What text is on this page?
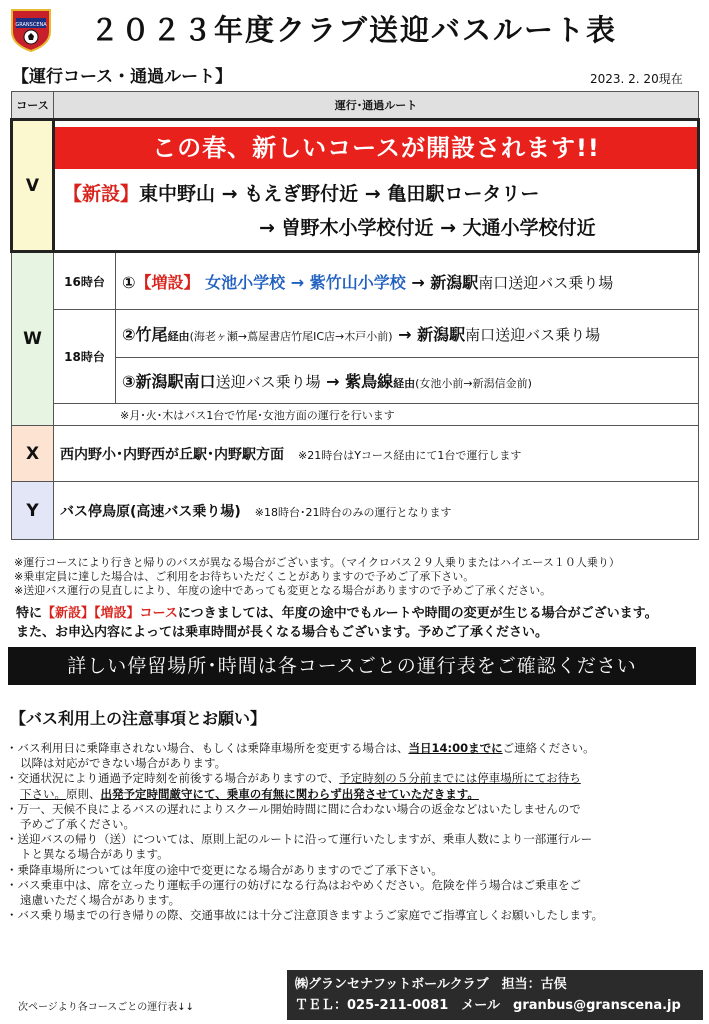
GRANSCENA ２０２３年度クラブ送迎バスルート表
【運行コース・通過ルート】	2023. 2. 20現在
コース	運行･通過ルート	
V	この春、新しいコースが開設されます!!
【新設】東中野山 → もえぎ野付近 → 亀田駅ロータリー
→ 曽野木小学校付近 → 大通小学校付近	

W	16時台	①【増設】 女池小学校 → 紫竹山小学校 → 新潟駅南口送迎バス乗り場
	18時台	②竹尾経由(海老ヶ瀬→蔦屋書店竹尾IC店→木戸小前) → 新潟駅南口送迎バス乗り場
		③新潟駅南口送迎バス乗り場 → 紫鳥線経由(女池小前→新潟信金前)
	※月･火･木はバス1台で竹尾･女池方面の運行を行います	
X	西内野小･内野西が丘駅･内野駅方面　 ※21時台はYコース経由にて1台で運行します	
Y	バス停鳥原(高速バス乗り場)　 ※18時台･21時台のみの運行となります	
※運行コースにより行きと帰りのバスが異なる場合がございます。（マイクロバス２９人乗りまたはハイエース１０人乗り）
※乗車定員に達した場合は、ご利用をお待ちいただくことがありますので予めご了承下さい。
※送迎バス運行の見直しにより、年度の途中であっても変更となる場合がありますので予めご了承ください。
特に【新設】【増設】コースにつきましては、年度の途中でもルートや時間の変更が生じる場合がございます。
また、お申込内容によっては乗車時間が長くなる場合もございます。予めご了承ください。
詳しい停留場所･時間は各コースごとの運行表をご確認ください
【バス利用上の注意事項とお願い】
・バス利用日に乗降車されない場合、もしくは乗降車場所を変更する場合は、当日14:00までにご連絡ください。
以降は対応ができない場合があります。
・交通状況により通過予定時刻を前後する場合がありますので、予定時刻の５分前までには停車場所にてお待ち
下さい。原則、出発予定時間厳守にて、乗車の有無に関わらず出発させていただきます。
・万一、天候不良によるバスの遅れによりスクール開始時間に間に合わない場合の返金などはいたしませんので
予めご了承ください。
・送迎バスの帰り（送）については、原則上記のルートに沿って運行いたしますが、乗車人数により一部運行ルー
トと異なる場合があります。
・乗降車場所については年度の途中で変更になる場合がありますのでご了承下さい。
・バス乗車中は、席を立ったり運転手の運行の妨げになる行為はおやめください。危険を伴う場合はご乗車をご
遠慮いただく場合があります。
・バス乗り場までの行き帰りの際、交通事故には十分ご注意頂きますようご家庭でご指導宜しくお願いしたします。
次ページより各コースごとの運行表↓↓
㈱グランセナフットボールクラブ　担当：古俣
ＴＥＬ：025-211-0081　 メール　 granbus@granscena.jp
